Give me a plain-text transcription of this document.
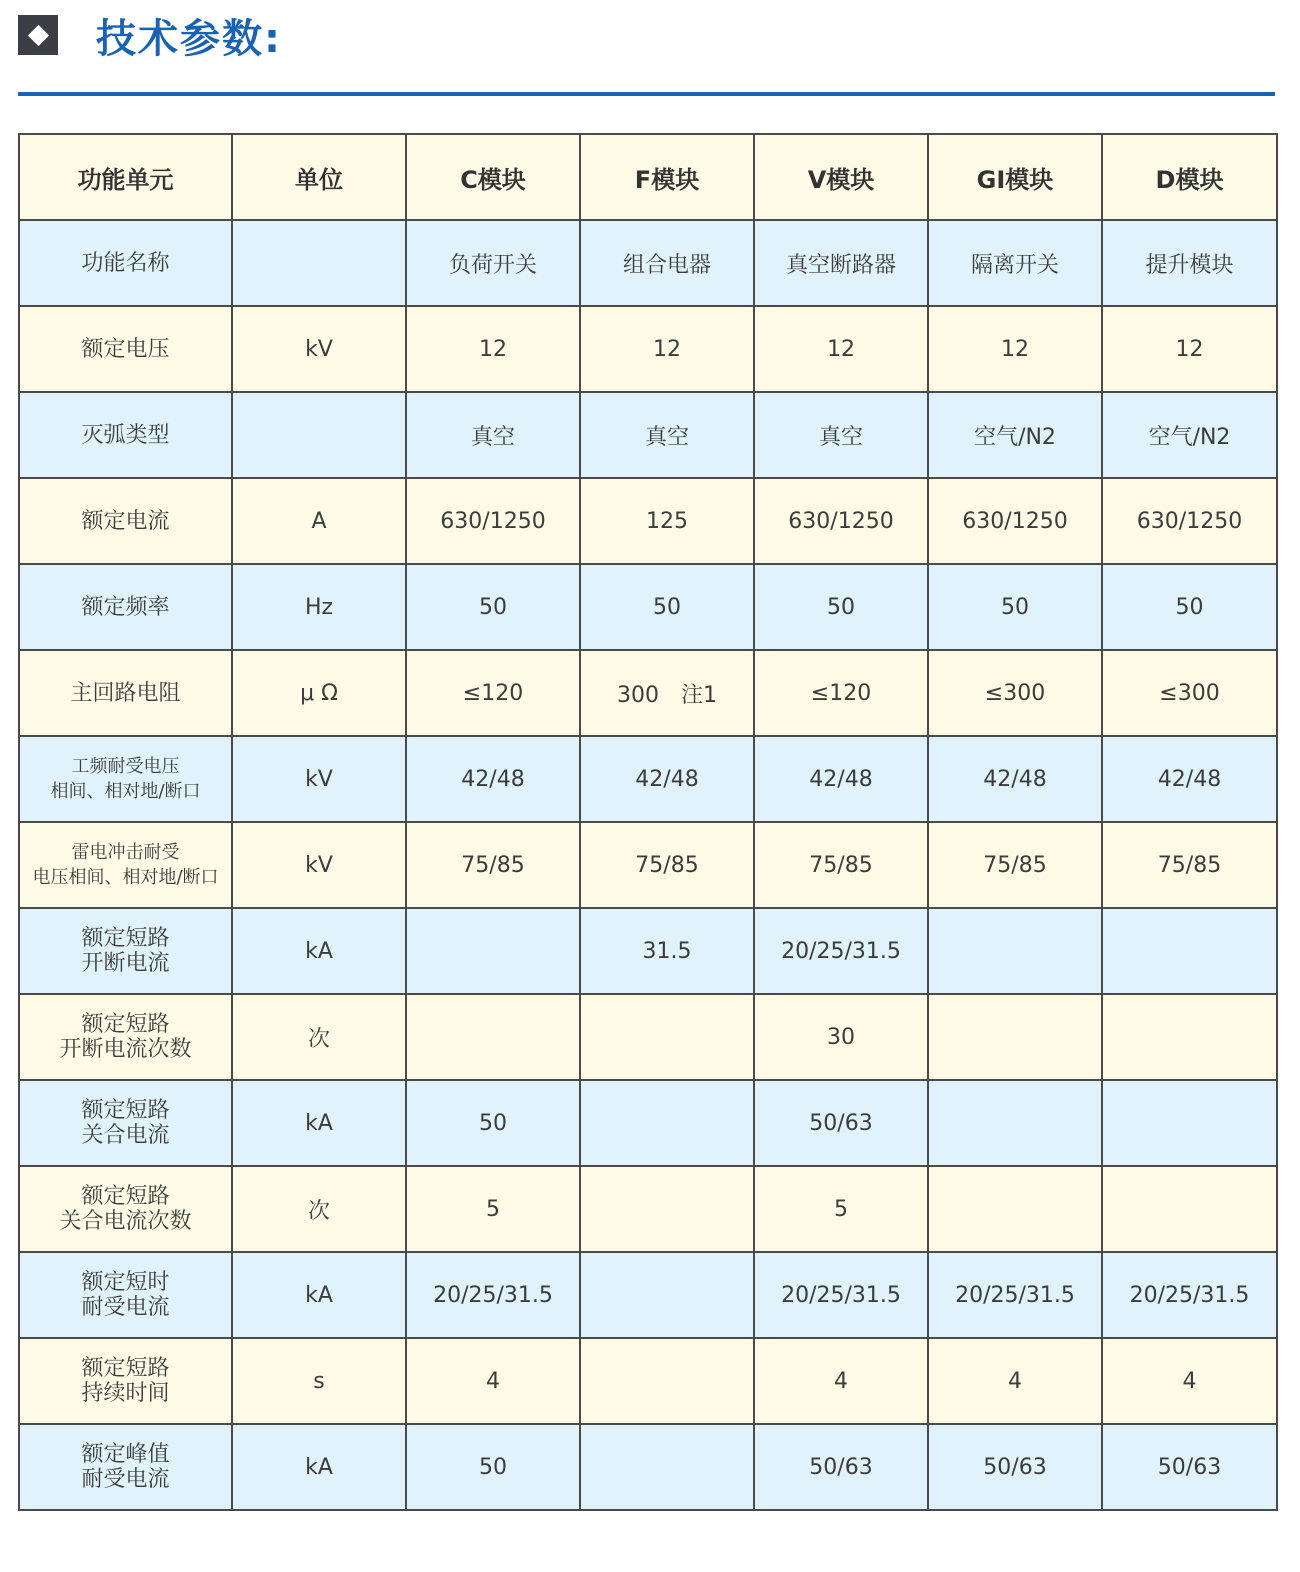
技术参数:
功能单元	单位	C模块	F模块	V模块	GI模块	D模块

功能名称		负荷开关	组合电器	真空断路器	隔离开关	提升模块

额定电压	kV	12	12	12	12	12

灭弧类型		真空	真空	真空	空气/N2	空气/N2

额定电流	A	630/1250	125	630/1250	630/1250	630/1250

额定频率	Hz	50	50	50	50	50

主回路电阻	μ Ω	≤120	300　注1	≤120	≤300	≤300

工频耐受电压
相间、相对地/断口	kV	42/48	42/48	42/48	42/48	42/48

雷电冲击耐受
电压相间、相对地/断口	kV	75/85	75/85	75/85	75/85	75/85

额定短路
开断电流	kA		31.5	20/25/31.5		

额定短路
开断电流次数	次			30		

额定短路
关合电流	kA	50		50/63		

额定短路
关合电流次数	次	5		5		

额定短时
耐受电流	kA	20/25/31.5		20/25/31.5	20/25/31.5	20/25/31.5

额定短路
持续时间	s	4		4	4	4

额定峰值
耐受电流	kA	50		50/63	50/63	50/63
